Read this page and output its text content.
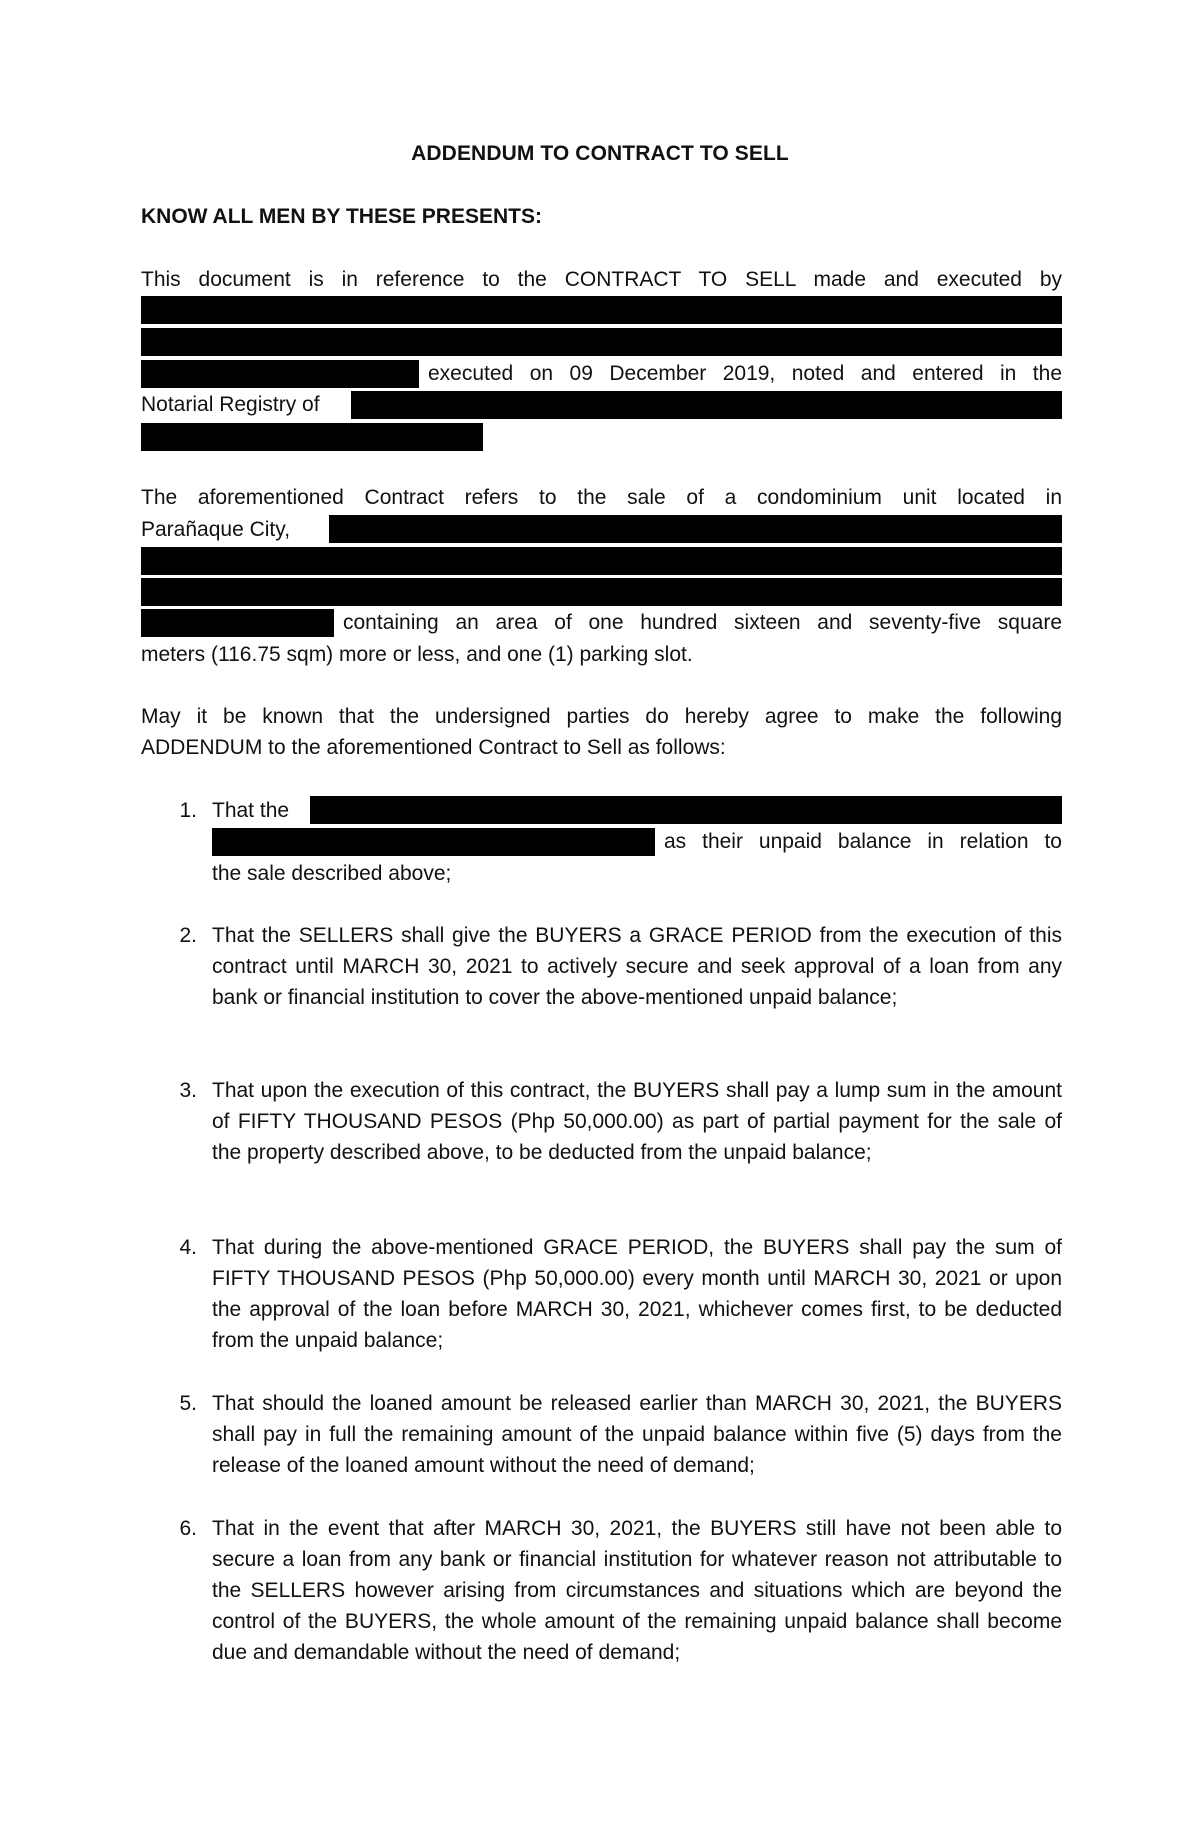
ADDENDUM TO CONTRACT TO SELL
KNOW ALL MEN BY THESE PRESENTS:
This document is in reference to the CONTRACT TO SELL made and executed by
executed on 09 December 2019, noted and entered in the
Notarial Registry of
The aforementioned Contract refers to the sale of a condominium unit located in
Parañaque City,
containing an area of one hundred sixteen and seventy-five square
meters (116.75 sqm) more or less, and one (1) parking slot.
May it be known that the undersigned parties do hereby agree to make the following
ADDENDUM to the aforementioned Contract to Sell as follows:
1. That the
as their unpaid balance in relation to
the sale described above;
2. That the SELLERS shall give the BUYERS a GRACE PERIOD from the execution of this contract until MARCH 30, 2021 to actively secure and seek approval of a loan from any bank or financial institution to cover the above-mentioned unpaid balance;
3. That upon the execution of this contract, the BUYERS shall pay a lump sum in the amount of FIFTY THOUSAND PESOS (Php 50,000.00) as part of partial payment for the sale of the property described above, to be deducted from the unpaid balance;
4. That during the above-mentioned GRACE PERIOD, the BUYERS shall pay the sum of FIFTY THOUSAND PESOS (Php 50,000.00) every month until MARCH 30, 2021 or upon the approval of the loan before MARCH 30, 2021, whichever comes first, to be deducted from the unpaid balance;
5. That should the loaned amount be released earlier than MARCH 30, 2021, the BUYERS shall pay in full the remaining amount of the unpaid balance within five (5) days from the release of the loaned amount without the need of demand;
6. That in the event that after MARCH 30, 2021, the BUYERS still have not been able to secure a loan from any bank or financial institution for whatever reason not attributable to the SELLERS however arising from circumstances and situations which are beyond the control of the BUYERS, the whole amount of the remaining unpaid balance shall become due and demandable without the need of demand;
